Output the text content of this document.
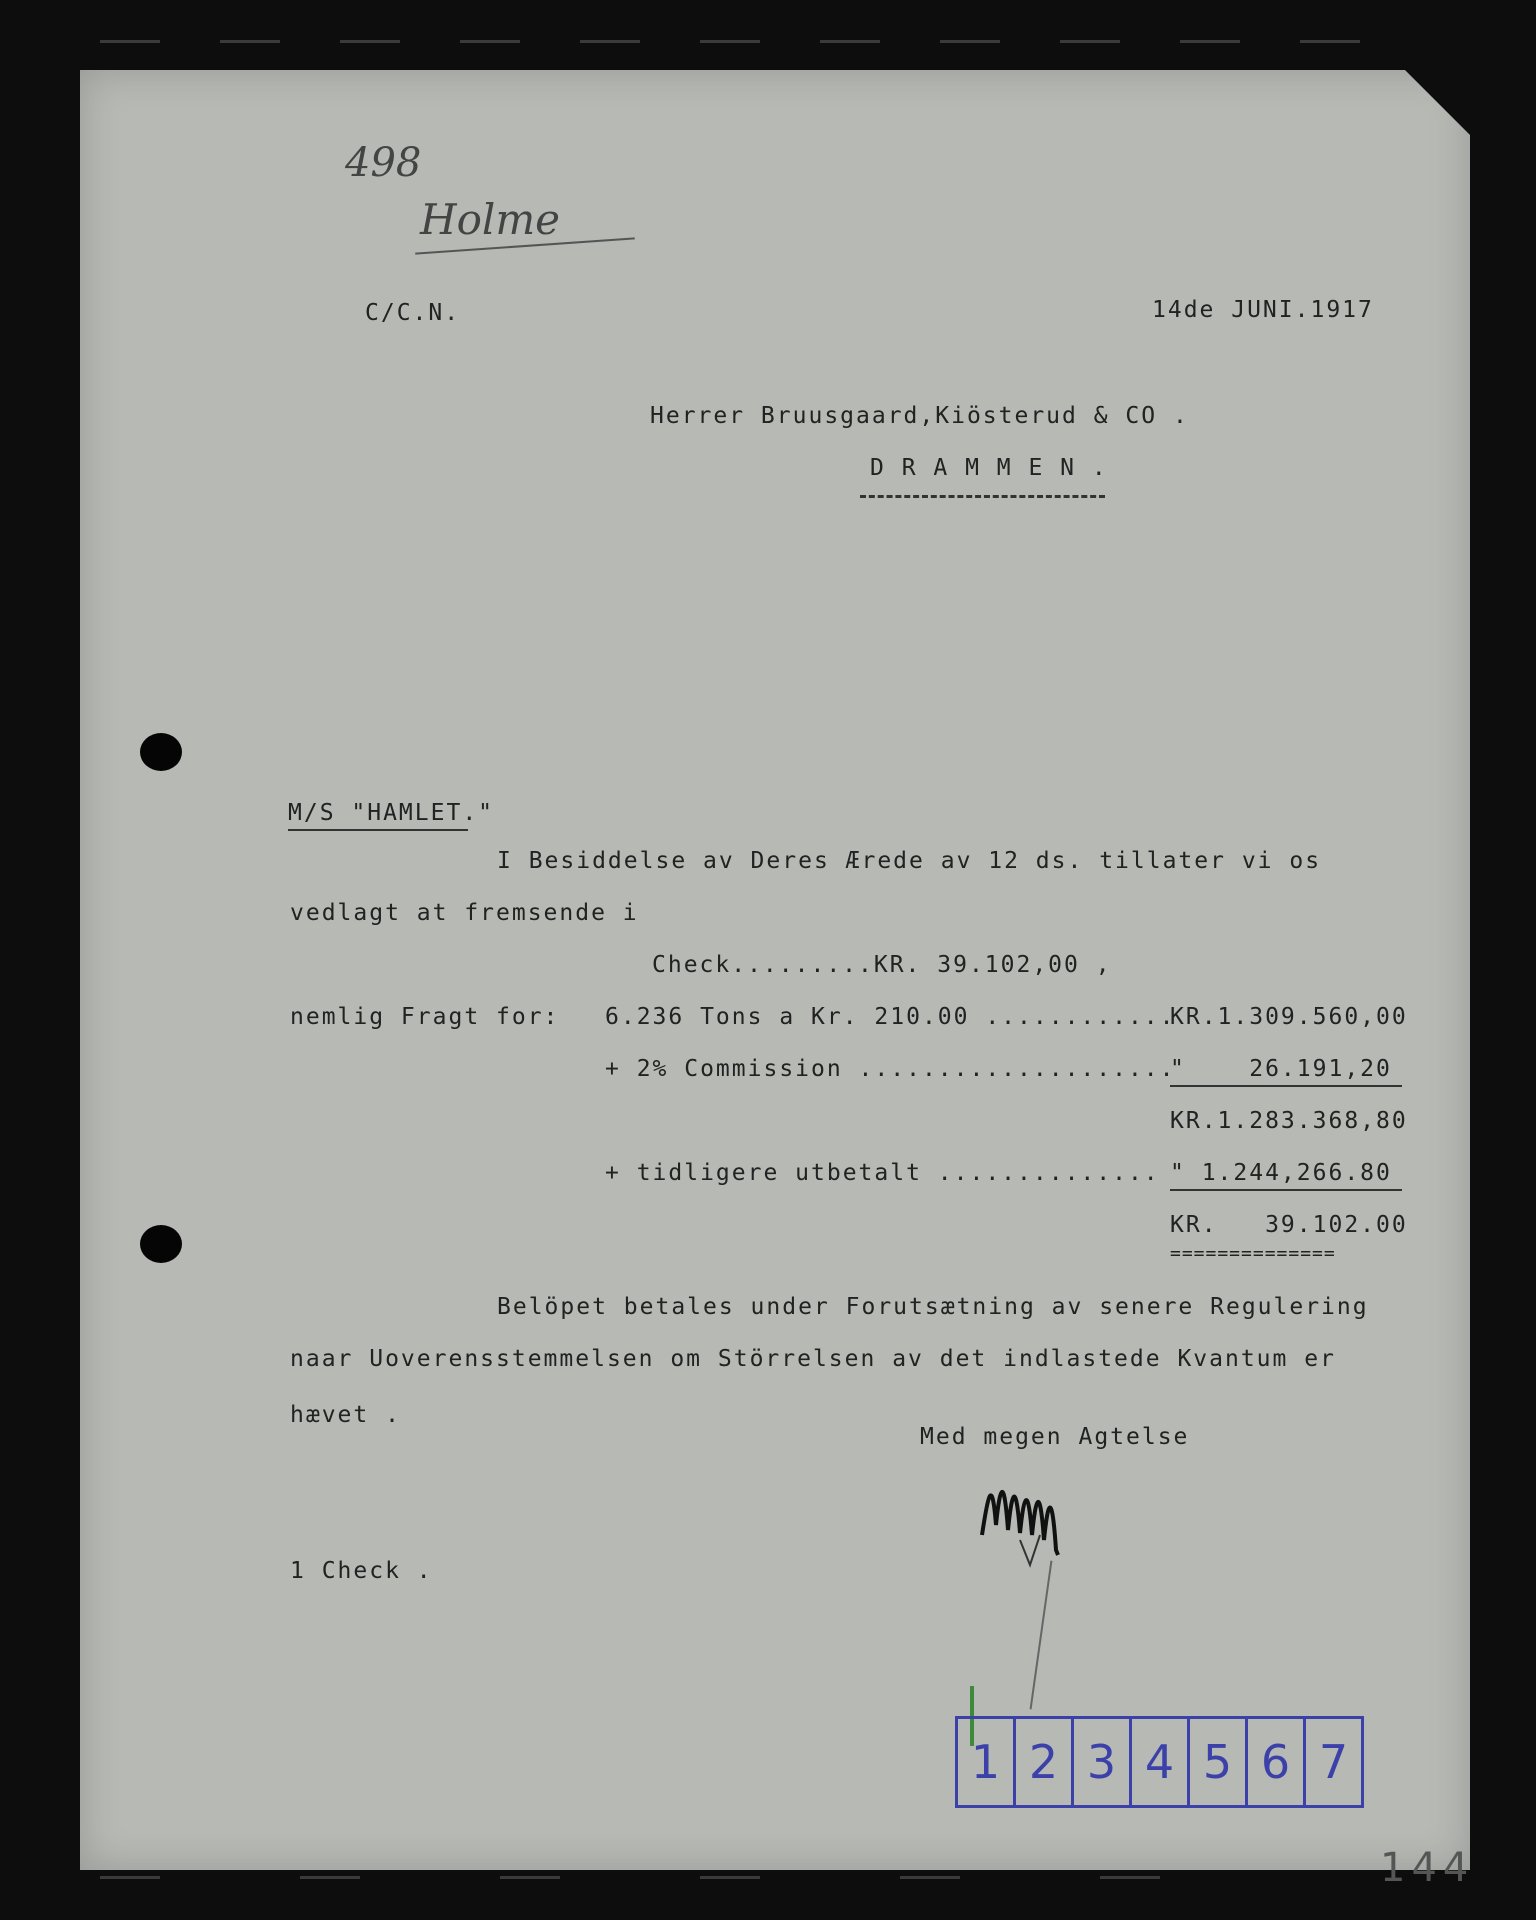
498
Holme
C/C.N.	14de JUNI.1917
Herrer Bruusgaard,Kiösterud & CO .
D R A M M E N .
M/S "HAMLET."
I Besiddelse av Deres Ærede av 12 ds. tillater vi os
vedlagt at fremsende i
Check.........KR. 39.102,00 ,
nemlig Fragt for: 6.236 Tons a Kr. 210.00 ............
KR.1.309.560,00
+ 2% Commission ....................
"    26.191,20
KR.1.283.368,80
+ tidligere utbetalt .............. " 1.244,266.80
KR.   39.102.00
==============
Belöpet betales under Forutsætning av senere Regulering
naar Uoverensstemmelsen om Störrelsen av det indlastede Kvantum er
hævet .
Med megen Agtelse
1 Check .
1 2 3 4 5 6 7
144
